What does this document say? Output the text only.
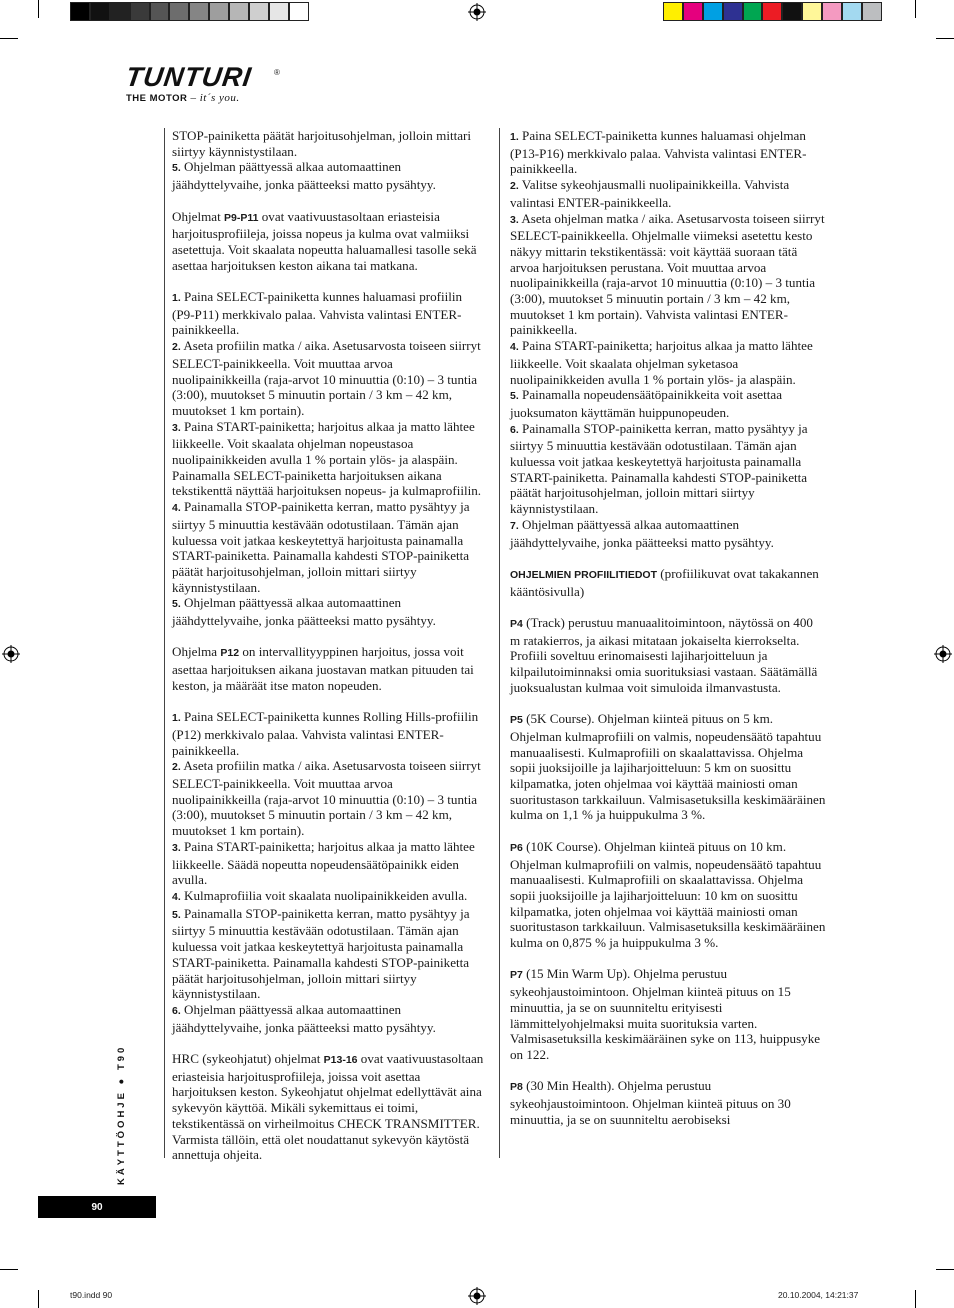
TUNTURI	®
THE MOTOR – it´s you.

STOP-painiketta päätät harjoitusohjelman, jolloin mittari siirtyy käynnistystilaan.

5. Ohjelman päättyessä alkaa automaattinen jäähdyttelyvaihe, jonka päätteeksi matto pysähtyy.

Ohjelmat P9-P11 ovat vaativuustasoltaan eriasteisia harjoitusprofiileja, joissa nopeus ja kulma ovat valmiiksi asetettuja. Voit skaalata nopeutta haluamallesi tasolle sekä asettaa harjoituksen keston aikana tai matkana.

1. Paina SELECT-painiketta kunnes haluamasi profiilin (P9-P11) merkkivalo palaa. Vahvista valintasi ENTER-painikkeella.

2. Aseta profiilin matka / aika. Asetusarvosta toiseen siirryt SELECT-painikkeella. Voit muuttaa arvoa nuolipainikkeilla (raja-arvot 10 minuuttia (0:10) – 3 tuntia (3:00), muutokset 5 minuutin portain / 3 km – 42 km, muutokset 1 km portain).

3. Paina START-painiketta; harjoitus alkaa ja matto lähtee liikkeelle. Voit skaalata ohjelman nopeustasoa nuolipainikkeiden avulla 1 % portain ylös- ja alaspäin. Painamalla SELECT-painiketta harjoituksen aikana tekstikenttä näyttää harjoituksen nopeus- ja kulmaprofiilin.

4. Painamalla STOP-painiketta kerran, matto pysähtyy ja siirtyy 5 minuuttia kestävään odotustilaan. Tämän ajan kuluessa voit jatkaa keskeytettyä harjoitusta painamalla START-painiketta. Painamalla kahdesti STOP-painiketta päätät harjoitusohjelman, jolloin mittari siirtyy käynnistystilaan.

5. Ohjelman päättyessä alkaa automaattinen jäähdyttelyvaihe, jonka päätteeksi matto pysähtyy.

Ohjelma P12 on intervallityyppinen harjoitus, jossa voit asettaa harjoituksen aikana juostavan matkan pituuden tai keston, ja määräät itse maton nopeuden.

1. Paina SELECT-painiketta kunnes Rolling Hills-profiilin (P12) merkkivalo palaa. Vahvista valintasi ENTER-painikkeella.

2. Aseta profiilin matka / aika. Asetusarvosta toiseen siirryt SELECT-painikkeella. Voit muuttaa arvoa nuolipainikkeilla (raja-arvot 10 minuuttia (0:10) – 3 tuntia (3:00), muutokset 5 minuutin portain / 3 km – 42 km, muutokset 1 km portain).

3. Paina START-painiketta; harjoitus alkaa ja matto lähtee liikkeelle. Säädä nopeutta nopeudensäätöpainikk eiden avulla.

4. Kulmaprofiilia voit skaalata nuolipainikkeiden avulla.

5. Painamalla STOP-painiketta kerran, matto pysähtyy ja siirtyy 5 minuuttia kestävään odotustilaan. Tämän ajan kuluessa voit jatkaa keskeytettyä harjoitusta painamalla START-painiketta. Painamalla kahdesti STOP-painiketta päätät harjoitusohjelman, jolloin mittari siirtyy käynnistystilaan.

6. Ohjelman päättyessä alkaa automaattinen jäähdyttelyvaihe, jonka päätteeksi matto pysähtyy.

HRC (sykeohjatut) ohjelmat P13-16 ovat vaativuustasoltaan eriasteisia harjoitusprofiileja, joissa voit asettaa harjoituksen keston. Sykeohjatut ohjelmat edellyttävät aina sykevyön käyttöä. Mikäli sykemittaus ei toimi, tekstikentässä on virheilmoitus CHECK TRANSMITTER. Varmista tällöin, että olet noudattanut sykevyön käytöstä annettuja ohjeita.

1. Paina SELECT-painiketta kunnes haluamasi ohjelman (P13-P16) merkkivalo palaa. Vahvista valintasi ENTER-painikkeella.

2. Valitse sykeohjausmalli nuolipainikkeilla. Vahvista valintasi ENTER-painikkeella.

3. Aseta ohjelman matka / aika. Asetusarvosta toiseen siirryt SELECT-painikkeella. Ohjelmalle viimeksi asetettu kesto näkyy mittarin tekstikentässä: voit käyttää suoraan tätä arvoa harjoituksen perustana. Voit muuttaa arvoa nuolipainikkeilla (raja-arvot 10 minuuttia (0:10) – 3 tuntia (3:00), muutokset 5 minuutin portain / 3 km – 42 km, muutokset 1 km portain). Vahvista valintasi ENTER-painikkeella.

4. Paina START-painiketta; harjoitus alkaa ja matto lähtee liikkeelle. Voit skaalata ohjelman syketasoa nuolipainikkeiden avulla 1 % portain ylös- ja alaspäin.

5. Painamalla nopeudensäätöpainikkeita voit asettaa juoksumaton käyttämän huippunopeuden.

6. Painamalla STOP-painiketta kerran, matto pysähtyy ja siirtyy 5 minuuttia kestävään odotustilaan. Tämän ajan kuluessa voit jatkaa keskeytettyä harjoitusta painamalla START-painiketta. Painamalla kahdesti STOP-painiketta päätät harjoitusohjelman, jolloin mittari siirtyy käynnistystilaan.

7. Ohjelman päättyessä alkaa automaattinen jäähdyttelyvaihe, jonka päätteeksi matto pysähtyy.

OHJELMIEN PROFIILITIEDOT (profiilikuvat ovat takakannen kääntösivulla)

P4 (Track) perustuu manuaalitoimintoon, näytössä on 400 m ratakierros, ja aikasi mitataan jokaiselta kierrokselta. Profiili soveltuu erinomaisesti lajiharjoitteluun ja kilpailutoiminnaksi omia suorituksiasi vastaan. Säätämällä juoksualustan kulmaa voit simuloida ilmanvastusta.

P5 (5K Course). Ohjelman kiinteä pituus on 5 km. Ohjelman kulmaprofiili on valmis, nopeudensäätö tapahtuu manuaalisesti. Kulmaprofiili on skaalattavissa. Ohjelma sopii juoksijoille ja lajiharjoitteluun: 5 km on suosittu kilpamatka, joten ohjelmaa voi käyttää mainiosti oman suoritustason tarkkailuun. Valmisasetuksilla keskimääräinen kulma on 1,1 % ja huippukulma 3 %.

P6 (10K Course). Ohjelman kiinteä pituus on 10 km. Ohjelman kulmaprofiili on valmis, nopeudensäätö tapahtuu manuaalisesti. Kulmaprofiili on skaalattavissa. Ohjelma sopii juoksijoille ja lajiharjoitteluun: 10 km on suosittu kilpamatka, joten ohjelmaa voi käyttää mainiosti oman suoritustason tarkkailuun. Valmisasetuksilla keskimääräinen kulma on 0,875 % ja huippukulma 3 %.

P7 (15 Min Warm Up). Ohjelma perustuu sykeohjaustoimintoon. Ohjelman kiinteä pituus on 15 minuuttia, ja se on suunniteltu erityisesti lämmittelyohjelmaksi muita suorituksia varten. Valmisasetuksilla keskimääräinen syke on 113, huippusyke on 122.

P8 (30 Min Health). Ohjelma perustuu sykeohjaustoimintoon. Ohjelman kiinteä pituus on 30 minuuttia, ja se on suunniteltu aerobiseksi

KÄYTTÖOHJE ● T90
90
t90.indd 90	20.10.2004, 14:21:37
